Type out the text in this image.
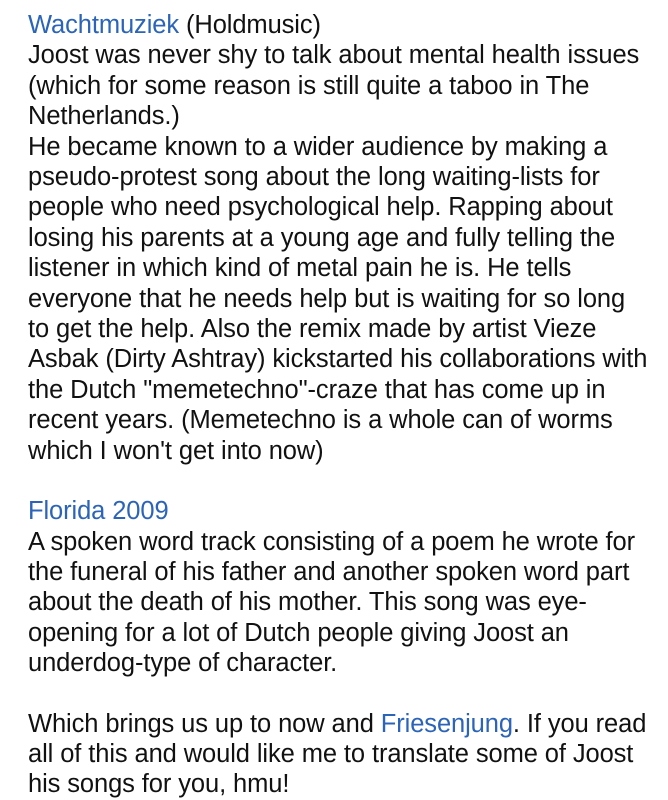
Wachtmuziek (Holdmusic)

Joost was never shy to talk about mental health issues (which for some reason is still quite a taboo in The Netherlands.)

He became known to a wider audience by making a pseudo-protest song about the long waiting-lists for people who need psychological help. Rapping about losing his parents at a young age and fully telling the listener in which kind of metal pain he is. He tells everyone that he needs help but is waiting for so long to get the help. Also the remix made by artist Vieze Asbak (Dirty Ashtray) kickstarted his collaborations with the Dutch "memetechno"-craze that has come up in recent years. (Memetechno is a whole can of worms which I won't get into now)

Florida 2009

A spoken word track consisting of a poem he wrote for the funeral of his father and another spoken word part about the death of his mother. This song was eye-opening for a lot of Dutch people giving Joost an underdog-type of character.

Which brings us up to now and Friesenjung. If you read all of this and would like me to translate some of Joost his songs for you, hmu!
